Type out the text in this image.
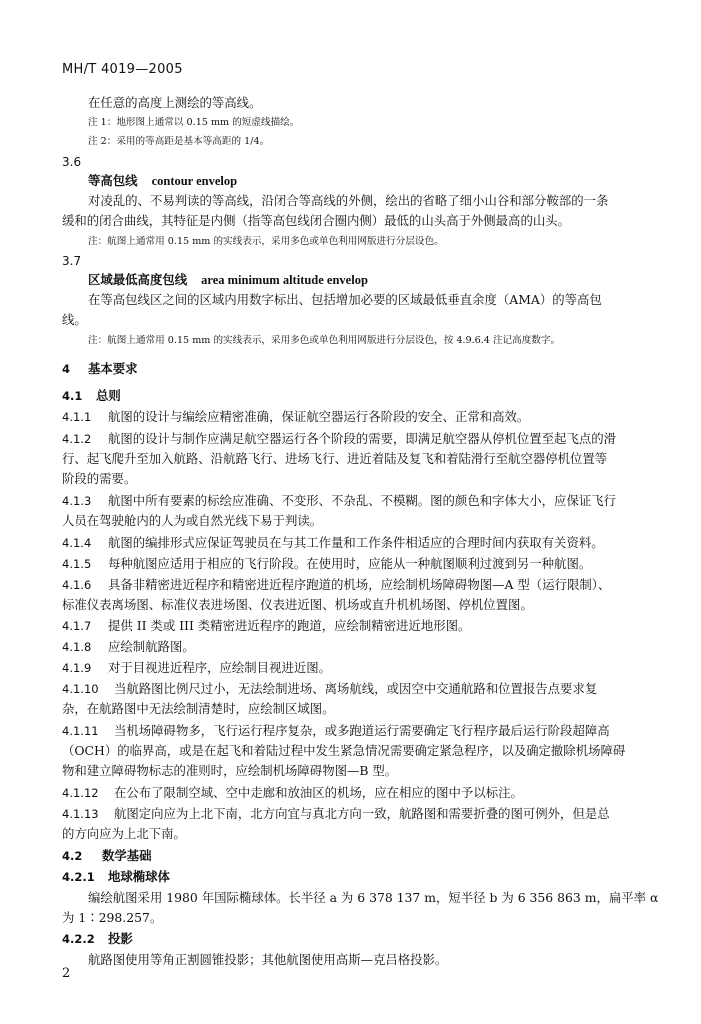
MH/T 4019—2005
在任意的高度上测绘的等高线。
注 1：地形图上通常以 0.15 mm 的短虚线描绘。
注 2：采用的等高距是基本等高距的 1/4。
3.6
等高包线 contour envelop
对凌乱的、不易判读的等高线，沿闭合等高线的外侧，绘出的省略了细小山谷和部分鞍部的一条
缓和的闭合曲线，其特征是内侧（指等高包线闭合圈内侧）最低的山头高于外侧最高的山头。
注：航图上通常用 0.15 mm 的实线表示，采用多色或单色利用网版进行分层设色。
3.7
区域最低高度包线 area minimum altitude envelop
在等高包线区之间的区域内用数字标出、包括增加必要的区域最低垂直余度（AMA）的等高包
线。
注：航图上通常用 0.15 mm 的实线表示，采用多色或单色利用网版进行分层设色，按 4.9.6.4 注记高度数字。
4 基本要求
4.1 总则
4.1.1 航图的设计与编绘应精密准确，保证航空器运行各阶段的安全、正常和高效。
4.1.2 航图的设计与制作应满足航空器运行各个阶段的需要，即满足航空器从停机位置至起飞点的滑
行、起飞爬升至加入航路、沿航路飞行、进场飞行、进近着陆及复飞和着陆滑行至航空器停机位置等
阶段的需要。
4.1.3 航图中所有要素的标绘应准确、不变形、不杂乱、不模糊。图的颜色和字体大小，应保证飞行
人员在驾驶舱内的人为或自然光线下易于判读。
4.1.4 航图的编排形式应保证驾驶员在与其工作量和工作条件相适应的合理时间内获取有关资料。
4.1.5 每种航图应适用于相应的飞行阶段。在使用时，应能从一种航图顺利过渡到另一种航图。
4.1.6 具备非精密进近程序和精密进近程序跑道的机场，应绘制机场障碍物图—A 型（运行限制）、
标准仪表离场图、标准仪表进场图、仪表进近图、机场或直升机机场图、停机位置图。
4.1.7 提供 II 类或 III 类精密进近程序的跑道，应绘制精密进近地形图。
4.1.8 应绘制航路图。
4.1.9 对于目视进近程序，应绘制目视进近图。
4.1.10 当航路图比例尺过小，无法绘制进场、离场航线，或因空中交通航路和位置报告点要求复
杂，在航路图中无法绘制清楚时，应绘制区域图。
4.1.11 当机场障碍物多，飞行运行程序复杂，或多跑道运行需要确定飞行程序最后运行阶段超障高
（OCH）的临界高，或是在起飞和着陆过程中发生紧急情况需要确定紧急程序，以及确定撤除机场障碍
物和建立障碍物标志的准则时，应绘制机场障碍物图—B 型。
4.1.12 在公布了限制空域、空中走廊和放油区的机场，应在相应的图中予以标注。
4.1.13 航图定向应为上北下南，北方向宜与真北方向一致，航路图和需要折叠的图可例外，但是总
的方向应为上北下南。
4.2 数学基础
4.2.1 地球椭球体
编绘航图采用 1980 年国际椭球体。长半径 a 为 6 378 137 m，短半径 b 为 6 356 863 m，扁平率 α
为 1∶298.257。
4.2.2 投影
航路图使用等角正割圆锥投影；其他航图使用高斯—克吕格投影。
2
